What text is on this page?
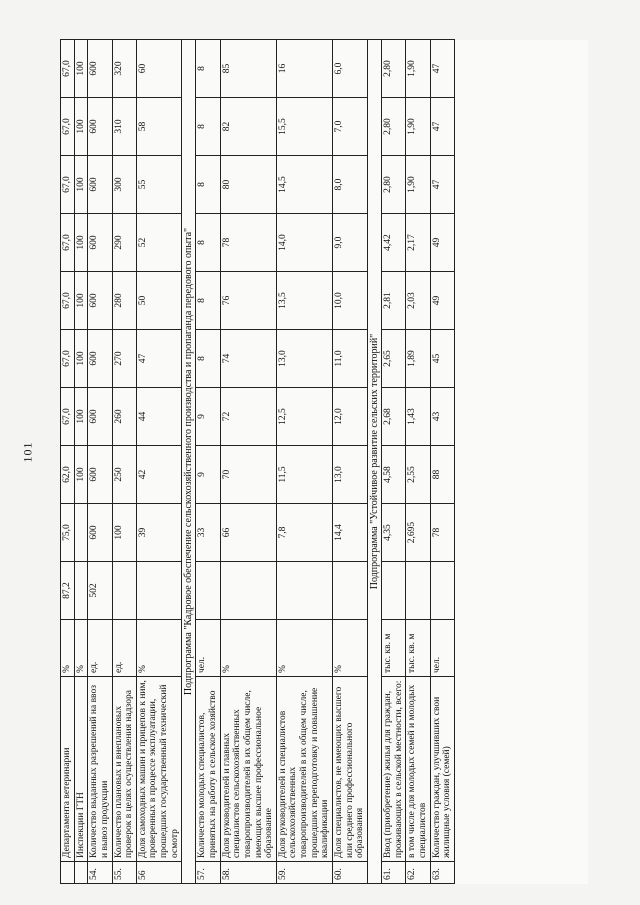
101
	Департамента ветеринарии	%	87,2	75,0	62,0	67,0	67,0	67,0	67,0	67,0	67,0	67,0
	Инспекции ГТН	%			100	100	100	100	100	100	100	100
54.	Количество выданных разрешений на ввоз и вывоз продукции	ед.	502	600	600	600	600	600	600	600	600	600
55.	Количество плановых и внеплановых проверок в целях осуществления надзора	ед.		100	250	260	270	280	290	300	310	320
56	Доля самоходных машин и прицепов к ним, проверенных в процессе эксплуатации, прошедших государственный технический осмотр	%		39	42	44	47	50	52	55	58	60
Подпрограмма "Кадровое обеспечение сельскохозяйственного производства и пропаганда передового опыта"												
57.	Количество молодых специалистов, принятых на работу в сельское хозяйство	чел.		33	9	9	8	8	8	8	8	8
58.	Доля руководителей и главных специалистов сельскохозяйственных товаропроизводителей в их общем числе, имеющих высшее профессиональное образование	%		66	70	72	74	76	78	80	82	85
59.	Доля руководителей и специалистов сельскохозяйственных товаропроизводителей в их общем числе, прошедших переподготовку и повышение квалификации	%		7,8	11,5	12,5	13,0	13,5	14,0	14,5	15,5	16
60.	Доля специалистов, не имеющих высшего или среднего профессионального образования	%		14,4	13,0	12,0	11,0	10,0	9,0	8,0	7,0	6,0
Подпрограмма "Устойчивое развитие сельских территорий"												
61.	Ввод (приобретение) жилья для граждан, проживающих в сельской местности, всего:	тыс. кв. м		4,35	4,58	2,68	2,65	2,81	4,42	2,80	2,80	2,80
62.	в том числе для молодых семей и молодых специалистов	тыс. кв. м		2,695	2,55	1,43	1,89	2,03	2,17	1,90	1,90	1,90
63.	Количество граждан, улучшивших свои жилищные условия (семей)	чел.		78	88	43	45	49	49	47	47	47
